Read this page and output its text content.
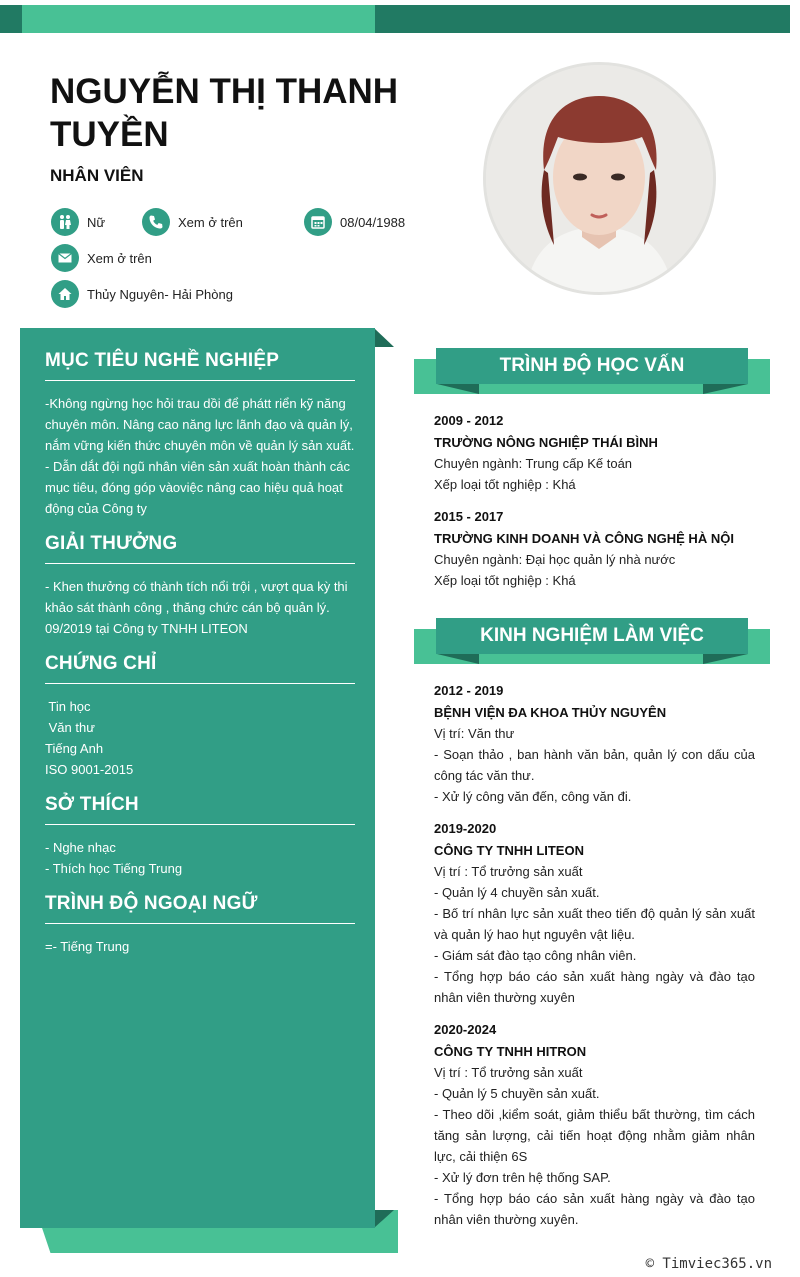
NGUYỄN THỊ THANH TUYỀN
NHÂN VIÊN
Nữ	Xem ở trên	08/04/1988
Xem ở trên
Thủy Nguyên- Hải Phòng
MỤC TIÊU NGHỀ NGHIỆP

-Không ngừng học hỏi trau dồi để phátt riển kỹ năng chuyên môn. Nâng cao năng lực lãnh đạo và quản lý, nắm vững kiến thức chuyên môn về quản lý sản xuất.

- Dẫn dắt đội ngũ nhân viên sản xuất hoàn thành các mục tiêu, đóng góp vàoviệc nâng cao hiệu quả hoạt động của Công ty

GIẢI THƯỞNG

- Khen thưởng có thành tích nổi trội , vượt qua kỳ thi khảo sát thành công , thăng chức cán bộ quản lý.

09/2019 tại Công ty TNHH LITEON

CHỨNG CHỈ

Tin học

Văn thư

Tiếng Anh

ISO 9001-2015

SỞ THÍCH

- Nghe nhạc

- Thích học Tiếng Trung

TRÌNH ĐỘ NGOẠI NGỮ

=- Tiếng Trung

TRÌNH ĐỘ HỌC VẤN
2009 - 2012
TRƯỜNG NÔNG NGHIỆP THÁI BÌNH

Chuyên ngành: Trung cấp Kế toán

Xếp loại tốt nghiệp : Khá

2015 - 2017
TRƯỜNG KINH DOANH VÀ CÔNG NGHỆ HÀ NỘI

Chuyên ngành: Đại học quản lý nhà nước

Xếp loại tốt nghiệp : Khá

KINH NGHIỆM LÀM VIỆC
2012 - 2019
BỆNH VIỆN ĐA KHOA THỦY NGUYÊN

Vị trí: Văn thư

- Soạn thảo , ban hành văn bản, quản lý con dấu của công tác văn thư.

- Xử lý công văn đến, công văn đi.

2019-2020
CÔNG TY TNHH LITEON

Vị trí : Tổ trưởng sản xuất

- Quản lý 4 chuyền sản xuất.

- Bố trí nhân lực sản xuất theo tiến độ quản lý sản xuất và quản lý hao hụt nguyên vật liệu.

- Giám sát đào tạo công nhân viên.

- Tổng hợp báo cáo sản xuất hàng ngày và đào tạo nhân viên thường xuyên

2020-2024
CÔNG TY TNHH HITRON

Vị trí : Tổ trưởng sản xuất

- Quản lý 5 chuyền sản xuất.

- Theo dõi ,kiểm soát, giảm thiểu bất thường, tìm cách tăng sản lượng, cải tiến hoạt động nhằm giảm nhân lực, cải thiện 6S

- Xử lý đơn trên hệ thống SAP.

- Tổng hợp báo cáo sản xuất hàng ngày và đào tạo nhân viên thường xuyên.

© Timviec365.vn
